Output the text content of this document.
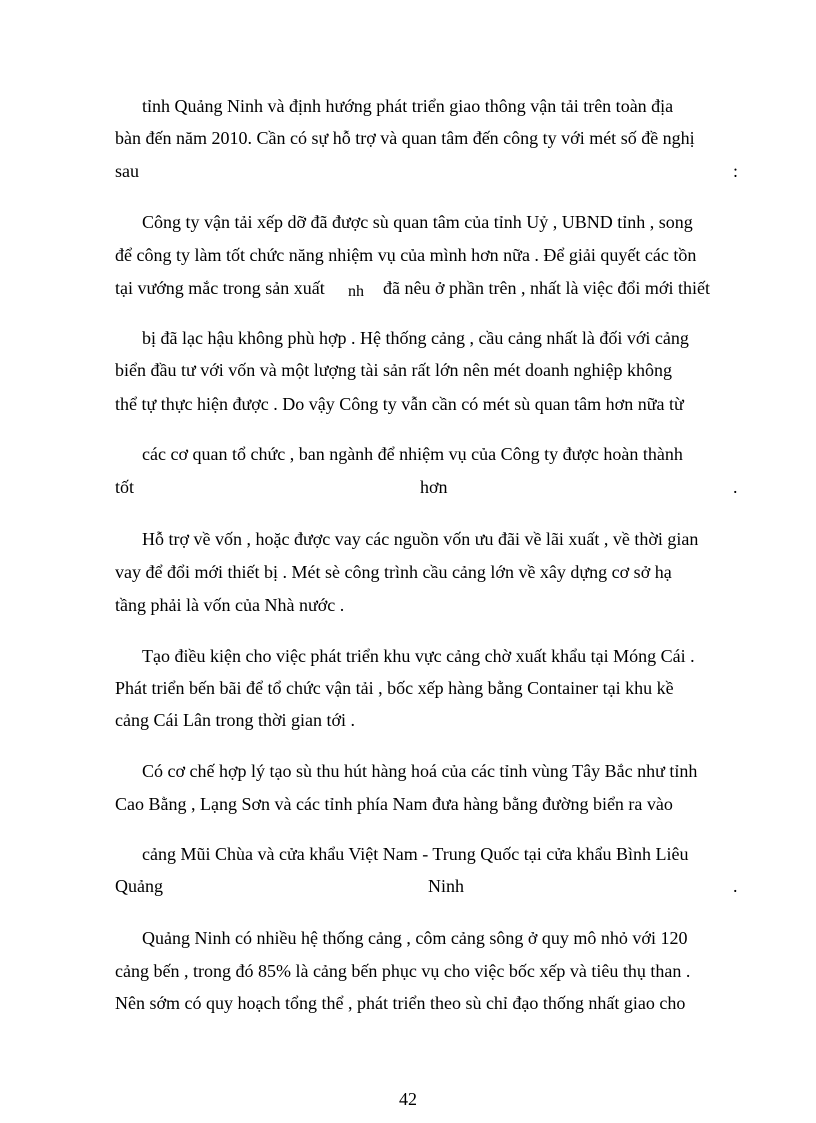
tỉnh Quảng Ninh và định hướng phát triển giao thông vận tải trên toàn địa
bàn đến năm 2010. Cần có sự hỗ trợ và quan tâm đến công ty với mét số đề nghị
sau	:
Công ty vận tải xếp dỡ đã được sù quan tâm của tỉnh Uỷ , UBND tỉnh , song
để công ty làm tốt chức năng nhiệm vụ của mình hơn nữa . Để giải quyết các tồn
tại vướng mắc trong sản xuất nh đã nêu ở phần trên , nhất là việc đổi mới thiết
bị đã lạc hậu không phù hợp . Hệ thống cảng , cầu cảng nhất là đối với cảng
biển đầu tư với vốn và một lượng tài sản rất lớn nên mét doanh nghiệp không
thể tự thực hiện được . Do vậy Công ty vẫn cần có mét sù quan tâm hơn nữa từ
các cơ quan tổ chức , ban ngành để nhiệm vụ của Công ty được hoàn thành
tốt	hơn	.
Hỗ trợ về vốn , hoặc được vay các nguồn vốn ưu đãi về lãi xuất , về thời gian
vay để đổi mới thiết bị . Mét sè công trình cầu cảng lớn về xây dựng cơ sở hạ
tầng phải là vốn của Nhà nước .
Tạo điều kiện cho việc phát triển khu vực cảng chờ xuất khẩu tại Móng Cái .
Phát triển bến bãi để tổ chức vận tải , bốc xếp hàng bằng Container tại khu kề
cảng Cái Lân trong thời gian tới .
Có cơ chế hợp lý tạo sù thu hút hàng hoá của các tỉnh vùng Tây Bắc như tỉnh
Cao Bằng , Lạng Sơn và các tỉnh phía Nam đưa hàng bằng đường biển ra vào
cảng Mũi Chùa và cửa khẩu Việt Nam - Trung Quốc tại cửa khẩu Bình Liêu
Quảng	Ninh	.
Quảng Ninh có nhiều hệ thống cảng , côm cảng sông ở quy mô nhỏ với 120
cảng bến , trong đó 85% là cảng bến phục vụ cho việc bốc xếp và tiêu thụ than .
Nên sớm có quy hoạch tổng thể , phát triển theo sù chỉ đạo thống nhất giao cho
42
